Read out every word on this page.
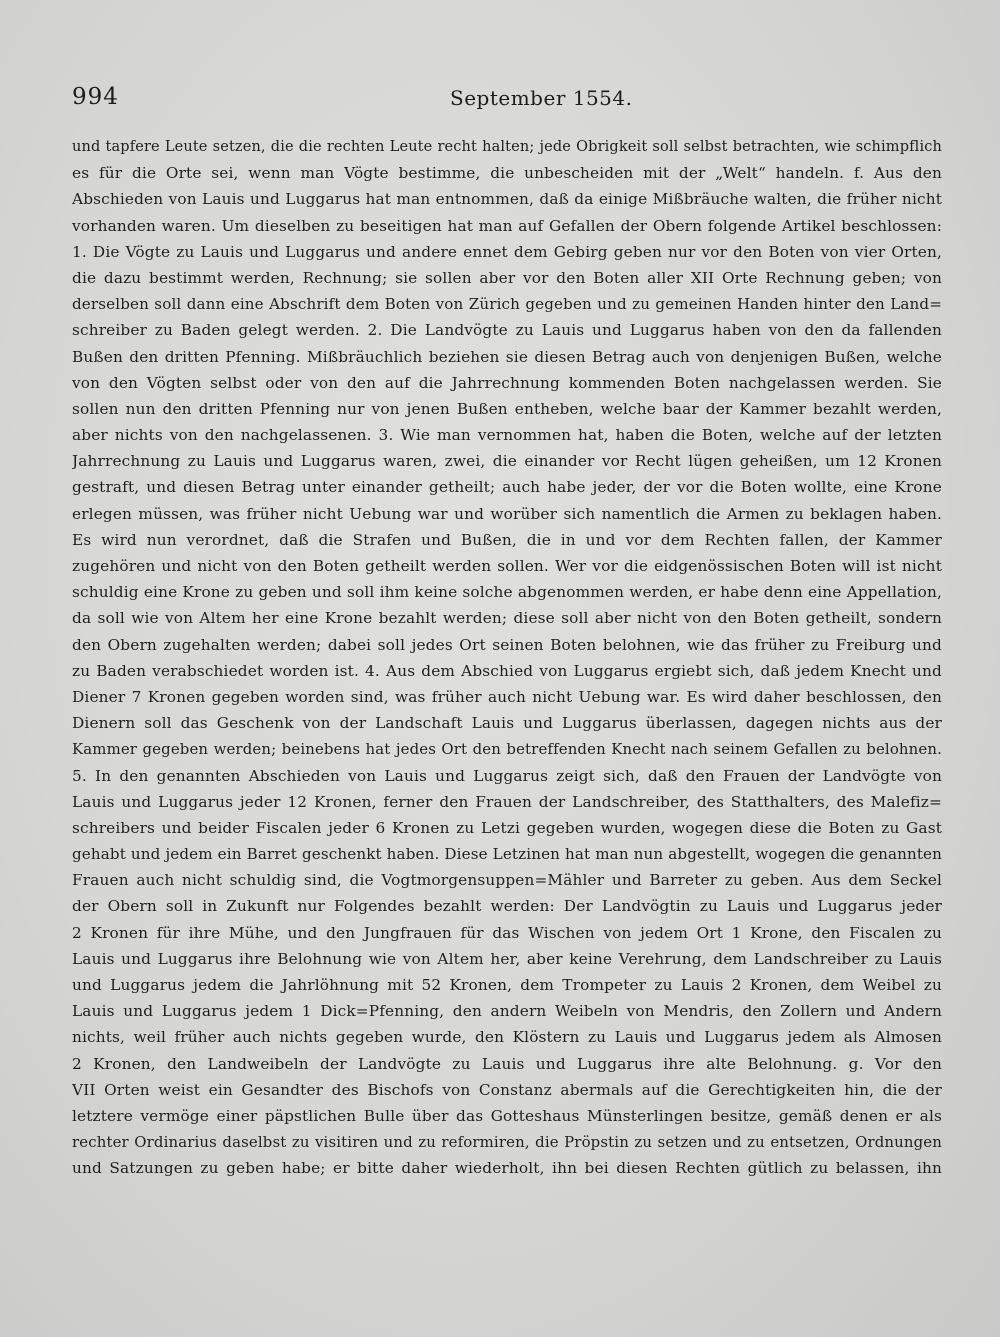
994	September 1554.
und tapfere Leute setzen, die die rechten Leute recht halten; jede Obrigkeit soll selbst betrachten, wie schimpflich
es für die Orte sei, wenn man Vögte bestimme, die unbescheiden mit der „Welt“ handeln. f. Aus den
Abschieden von Lauis und Luggarus hat man entnommen, daß da einige Mißbräuche walten, die früher nicht
vorhanden waren. Um dieselben zu beseitigen hat man auf Gefallen der Obern folgende Artikel beschlossen:
1. Die Vögte zu Lauis und Luggarus und andere ennet dem Gebirg geben nur vor den Boten von vier Orten,
die dazu bestimmt werden, Rechnung; sie sollen aber vor den Boten aller XII Orte Rechnung geben; von
derselben soll dann eine Abschrift dem Boten von Zürich gegeben und zu gemeinen Handen hinter den Land=
schreiber zu Baden gelegt werden. 2. Die Landvögte zu Lauis und Luggarus haben von den da fallenden
Bußen den dritten Pfenning. Mißbräuchlich beziehen sie diesen Betrag auch von denjenigen Bußen, welche
von den Vögten selbst oder von den auf die Jahrrechnung kommenden Boten nachgelassen werden. Sie
sollen nun den dritten Pfenning nur von jenen Bußen entheben, welche baar der Kammer bezahlt werden,
aber nichts von den nachgelassenen. 3. Wie man vernommen hat, haben die Boten, welche auf der letzten
Jahrrechnung zu Lauis und Luggarus waren, zwei, die einander vor Recht lügen geheißen, um 12 Kronen
gestraft, und diesen Betrag unter einander getheilt; auch habe jeder, der vor die Boten wollte, eine Krone
erlegen müssen, was früher nicht Uebung war und worüber sich namentlich die Armen zu beklagen haben.
Es wird nun verordnet, daß die Strafen und Bußen, die in und vor dem Rechten fallen, der Kammer
zugehören und nicht von den Boten getheilt werden sollen. Wer vor die eidgenössischen Boten will ist nicht
schuldig eine Krone zu geben und soll ihm keine solche abgenommen werden, er habe denn eine Appellation,
da soll wie von Altem her eine Krone bezahlt werden; diese soll aber nicht von den Boten getheilt, sondern
den Obern zugehalten werden; dabei soll jedes Ort seinen Boten belohnen, wie das früher zu Freiburg und
zu Baden verabschiedet worden ist. 4. Aus dem Abschied von Luggarus ergiebt sich, daß jedem Knecht und
Diener 7 Kronen gegeben worden sind, was früher auch nicht Uebung war. Es wird daher beschlossen, den
Dienern soll das Geschenk von der Landschaft Lauis und Luggarus überlassen, dagegen nichts aus der
Kammer gegeben werden; beinebens hat jedes Ort den betreffenden Knecht nach seinem Gefallen zu belohnen.
5. In den genannten Abschieden von Lauis und Luggarus zeigt sich, daß den Frauen der Landvögte von
Lauis und Luggarus jeder 12 Kronen, ferner den Frauen der Landschreiber, des Statthalters, des Malefiz=
schreibers und beider Fiscalen jeder 6 Kronen zu Letzi gegeben wurden, wogegen diese die Boten zu Gast
gehabt und jedem ein Barret geschenkt haben. Diese Letzinen hat man nun abgestellt, wogegen die genannten
Frauen auch nicht schuldig sind, die Vogtmorgensuppen=Mähler und Barreter zu geben. Aus dem Seckel
der Obern soll in Zukunft nur Folgendes bezahlt werden: Der Landvögtin zu Lauis und Luggarus jeder
2 Kronen für ihre Mühe, und den Jungfrauen für das Wischen von jedem Ort 1 Krone, den Fiscalen zu
Lauis und Luggarus ihre Belohnung wie von Altem her, aber keine Verehrung, dem Landschreiber zu Lauis
und Luggarus jedem die Jahrlöhnung mit 52 Kronen, dem Trompeter zu Lauis 2 Kronen, dem Weibel zu
Lauis und Luggarus jedem 1 Dick=Pfenning, den andern Weibeln von Mendris, den Zollern und Andern
nichts, weil früher auch nichts gegeben wurde, den Klöstern zu Lauis und Luggarus jedem als Almosen
2 Kronen, den Landweibeln der Landvögte zu Lauis und Luggarus ihre alte Belohnung. g. Vor den
VII Orten weist ein Gesandter des Bischofs von Constanz abermals auf die Gerechtigkeiten hin, die der
letztere vermöge einer päpstlichen Bulle über das Gotteshaus Münsterlingen besitze, gemäß denen er als
rechter Ordinarius daselbst zu visitiren und zu reformiren, die Pröpstin zu setzen und zu entsetzen, Ordnungen
und Satzungen zu geben habe; er bitte daher wiederholt, ihn bei diesen Rechten gütlich zu belassen, ihn
